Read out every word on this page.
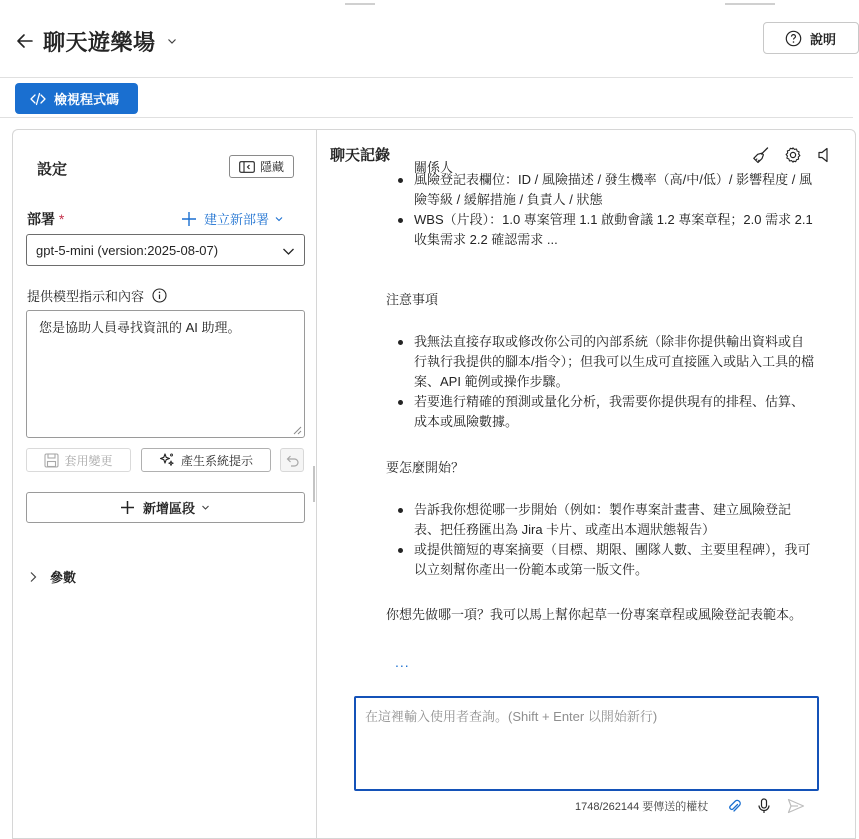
聊天遊樂場	說明
檢視程式碼
設定	隱藏
部署 *	建立新部署
gpt-5-mini (version:2025-08-07)
提供模型指示和內容
您是協助人員尋找資訊的 AI 助理。
套用變更	產生系統提示
新增區段
參數
聊天記錄

關係人

風險登記表欄位：ID / 風險描述 / 發生機率（高/中/低）/ 影響程度 / 風險等級 / 緩解措施 / 負責人 / 狀態
WBS（片段）：1.0 專案管理 1.1 啟動會議 1.2 專案章程；2.0 需求 2.1 收集需求 2.2 確認需求 ...

注意事項

我無法直接存取或修改你公司的內部系統（除非你提供輸出資料或自行執行我提供的腳本/指令）；但我可以生成可直接匯入或貼入工具的檔案、API 範例或操作步驟。
若要進行精確的預測或量化分析，我需要你提供現有的排程、估算、成本或風險數據。

要怎麼開始？

告訴我你想從哪一步開始（例如：製作專案計畫書、建立風險登記表、把任務匯出為 Jira 卡片、或產出本週狀態報告）
或提供簡短的專案摘要（目標、期限、團隊人數、主要里程碑），我可以立刻幫你產出一份範本或第一版文件。

你想先做哪一項？我可以馬上幫你起草一份專案章程或風險登記表範本。

...
在這裡輸入使用者查詢。(Shift + Enter 以開始新行)
1748/262144 要傳送的權杖
